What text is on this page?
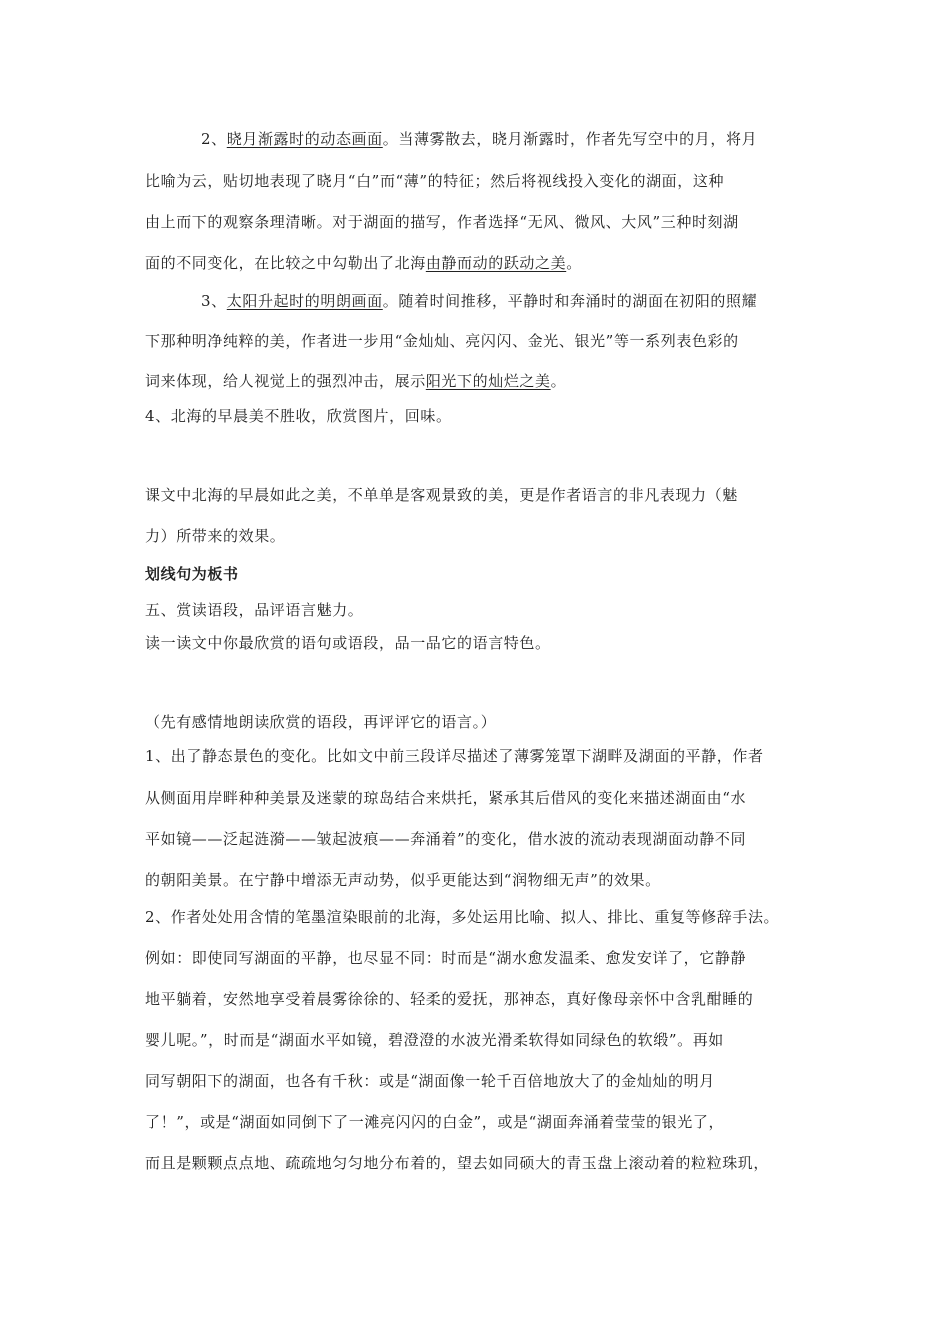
2、晓月渐露时的动态画面。当薄雾散去，晓月渐露时，作者先写空中的月，将月
比喻为云，贴切地表现了晓月“白”而“薄”的特征；然后将视线投入变化的湖面，这种
由上而下的观察条理清晰。对于湖面的描写，作者选择“无风、微风、大风”三种时刻湖
面的不同变化，在比较之中勾勒出了北海由静而动的跃动之美。
3、太阳升起时的明朗画面。随着时间推移，平静时和奔涌时的湖面在初阳的照耀
下那种明净纯粹的美，作者进一步用“金灿灿、亮闪闪、金光、银光”等一系列表色彩的
词来体现，给人视觉上的强烈冲击，展示阳光下的灿烂之美。
4、北海的早晨美不胜收，欣赏图片，回味。
课文中北海的早晨如此之美，不单单是客观景致的美，更是作者语言的非凡表现力（魅
力）所带来的效果。
划线句为板书
五、赏读语段，品评语言魅力。
读一读文中你最欣赏的语句或语段，品一品它的语言特色。
（先有感情地朗读欣赏的语段，再评评它的语言。）
1、出了静态景色的变化。比如文中前三段详尽描述了薄雾笼罩下湖畔及湖面的平静，作者
从侧面用岸畔种种美景及迷蒙的琼岛结合来烘托，紧承其后借风的变化来描述湖面由“水
平如镜——泛起涟漪——皱起波痕——奔涌着”的变化，借水波的流动表现湖面动静不同
的朝阳美景。在宁静中增添无声动势，似乎更能达到“润物细无声”的效果。
2、作者处处用含情的笔墨渲染眼前的北海，多处运用比喻、拟人、排比、重复等修辞手法。
例如：即使同写湖面的平静，也尽显不同：时而是“湖水愈发温柔、愈发安详了，它静静
地平躺着，安然地享受着晨雾徐徐的、轻柔的爱抚，那神态，真好像母亲怀中含乳酣睡的
婴儿呢。”，时而是“湖面水平如镜，碧澄澄的水波光滑柔软得如同绿色的软缎”。再如
同写朝阳下的湖面，也各有千秋：或是“湖面像一轮千百倍地放大了的金灿灿的明月
了！”，或是“湖面如同倒下了一滩亮闪闪的白金”，或是“湖面奔涌着莹莹的银光了，
而且是颗颗点点地、疏疏地匀匀地分布着的，望去如同硕大的青玉盘上滚动着的粒粒珠玑，
